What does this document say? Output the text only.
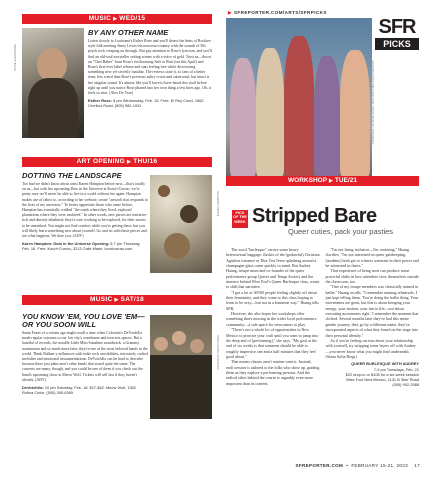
▶ SFREPORTER.COM/ARTS/SFRPICKS
MUSIC ▶ WED/15
ROSE ALEXANDRA
BY ANY OTHER NAME

Listen closely to Louisiana's Esther Rose and you'll detect the hints of Rockies-style folk meeting Jenny Lewis-ish nouveau-country with the sounds of 50s psych rock creeping on through. But pay attention to Rose's lyricism, and you'll find an old-soul storyteller setting scenes with a voice of gold. Trust us—throw on "Chet Baker" from Rose's forthcoming Safe to Run (out this April) and Rose's first-ever label release and start feeling free while discovering something new yet secretly familiar. The reviews state it, so fans of a better term, less weird than Rose's previous sultry croon and catterwaul, but intact is her singular sound. It's almost like you'll have to have heard this stuff before right up until you notice Rose phased into her own thing a few lines ago. Oh, it feels so nice. (Alex De Vore)

Esther Rose: 8 pm Wednesday, Feb. 15. Free. El Rey Court, 1862 Cerrillos Road, (505) 982-1931

ART OPENING ▶ THU/16
DOTTING THE LANDSCAPE

Too bad we didn't know about artist Karen Hampton before now—that's totally on us—but with her upcoming Dots in the Universe at Kouri+Corrao, we're pretty sure we'll never be able to live in a world without her again. Hampton makes use of fabric to, according to her website, create "artwork that responds to the lives of my ancestors." To better appreciate those who came before, Hampton has essentially walked "the roads where they lived, explored plantations where they were enslaved." In other words, new pieces are narrative-rich and densely inhabited; they're sure working to be explored, for their stories to be unearthed. You might not find comfort while you're getting there, but you will likely learn something new about yourself. Go and sit with these pieces and see what happens. We dare you. (ADV)

Karen Hampton: Dots in the Universe Opening: 5-7 pm Thursday, Feb. 16. Free. Kouri+Corrao, 3213 Calle Marie, kouricorrao.com

KAREN HAMPTON
MUSIC ▶ SAT/18
YOU KNOW 'EM, YOU LOVE 'EM—OR YOU SOON WILL

Santa Feans of a certain age might recall a time when Colorado's DeVotchKa made regular sojourns to our fair city's warehouse and teen arts spaces. But a handful of records, the notable Little Miss Sunshine soundtrack, a Grammy nomination and so much more later, they're one of the most beloved bands in the world. Think Balkan-y influences with indie rock sensibilities, intricately crafted melodies and emotional instrumentations. DeVotchKa can be hard to describe because there just plain aren't other bands that sound quite the same. The concerts are many, though, and you could be one of them if you check out the band's upcoming show at Meow Wolf. Tickets will sell fast if they haven't already. (ADV)

DeVotchKa: 10 pm Saturday, Feb. 18. $27-$42. Meow Wolf, 1352 Rufina Circle, (505) 395-6369

COURTESY DEVOTCHKA
COURTESY OF WISE FOOL / BEN WITCHER PHOTOGRAPHY
SFR
PICKS
WORKSHOP ▶ TUE/21
PICK
OF THE
WEEK Stripped Bare
Queer cuties, pack your pasties

The word "burlesque" carries some heavy heterosexual baggage: flashes of the (godawful) Christina Aguilera romance or Dita Von Teese splashing around a champagne glass come quickly to mind. But Audrey Huang, troupe mom and co-founder of the queer performance group Quiver and Tempt Society and the maestro behind Wise Fool's Queer Burlesque class, wants to shift that narrative.

"I got a lot of AFAB people feeling slightly off about their femininity, and they come to this class hoping to learn to be sexy—but not in a feminine way," Huang tells SFR.

However, she also hopes her workshops offer something that's missing in the wider local performance community—a safe space for newcomers to play.

"There's not a whole lot of opportunities in New Mexico to practice your craft until you want to jump into the deep end of [performing]," she says. "My goal at the end of six weeks is that someone should be able to roughly improvise one and a half minutes that they feel good about."

That means classes aren't routine-centric. Instead, each session is tailored to the folks who show up, guiding them as they explore a performing persona. And the radical ethos behind the course is arguably even more important than its content.

"I'm not being inclusive—I'm centering," Huang clarifies. "I'm not interested in queer gatekeeping, [students] both get to witness someone in their power and be witnessed in theirs."

That experience of being seen can produce some powerful shifts in how attendees view themselves outside the classroom, too.

"One of my troupe members was classically trained in ballet," Huang recalls. "I remember running rehearsals, I just kept telling them, 'You're doing the ballet thing. Your movements are great, but this is about bringing your energy, your motion, your fun to life—not about executing movements right.' I remember the moment that clicked. Several months later they've had this entire gender journey, they go by a different name, they've incorporated aspects of what they found on the stage into their personal identity."

So if you're feeling curious about your relationship with yourself, try stripping some layers off with Audrey—you never know what you might find underneath. (Siena Sofia Bergt)

QUEER BURLESQUE WITH AUDREY
7-9 pm Tuesdays, Feb. 21
$22 drop-in or $108 for a six-week session
Wise Fool New Mexico, 1131 B Siler Road
(505) 992-2588
SFREPORTER.COM  •  FEBRUARY 15-21, 2023 17
